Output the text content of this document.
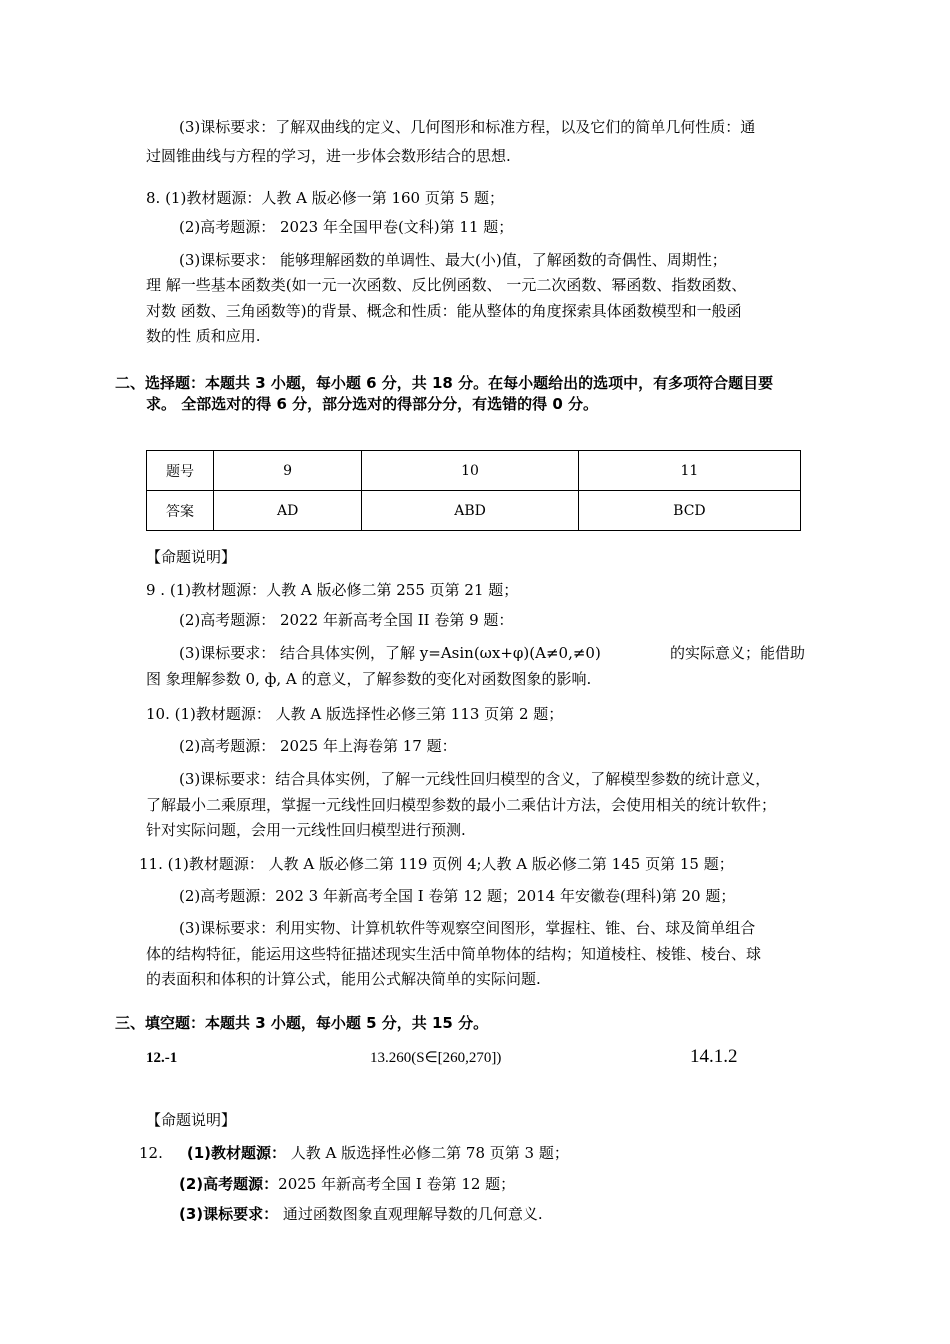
(3)课标要求：了解双曲线的定义、几何图形和标准方程，以及它们的简单几何性质：通
过圆锥曲线与方程的学习，进一步体会数形结合的思想.
8. (1)教材题源：人教 A 版必修一第 160 页第 5 题；
(2)高考题源： 2023 年全国甲卷(文科)第 11 题；
(3)课标要求： 能够理解函数的单调性、最大(小)值，了解函数的奇偶性、周期性；
理 解一些基本函数类(如一元一次函数、反比例函数、 一元二次函数、幂函数、指数函数、
对数 函数、三角函数等)的背景、概念和性质：能从整体的角度探索具体函数模型和一般函
数的性 质和应用.
二、选择题：本题共 3 小题，每小题 6 分，共 18 分。在每小题给出的选项中，有多项符合题目要
求。 全部选对的得 6 分，部分选对的得部分分，有选错的得 0 分。
题号	9	10	11
答案	AD	ABD	BCD
【命题说明】
9 . (1)教材题源：人教 A 版必修二第 255 页第 21 题；
(2)高考题源： 2022 年新高考全国 II 卷第 9 题：
(3)课标要求： 结合具体实例，了解 y=Asin(ωx+φ)(A≠0,≠0)	的实际意义；能借助
图 象理解参数 0, ф, A 的意义，了解参数的变化对函数图象的影响.
10. (1)教材题源： 人教 A 版选择性必修三第 113 页第 2 题；
(2)高考题源： 2025 年上海卷第 17 题：
(3)课标要求：结合具体实例，了解一元线性回归模型的含义，了解模型参数的统计意义，
了解最小二乘原理，掌握一元线性回归模型参数的最小二乘估计方法，会使用相关的统计软件；
针对实际问题，会用一元线性回归模型进行预测.
11. (1)教材题源： 人教 A 版必修二第 119 页例 4;人教 A 版必修二第 145 页第 15 题；
(2)高考题源：202 3 年新高考全国 I 卷第 12 题；2014 年安徽卷(理科)第 20 题；
(3)课标要求：利用实物、计算机软件等观察空间图形，掌握柱、锥、台、球及简单组合
体的结构特征，能运用这些特征描述现实生活中简单物体的结构；知道棱柱、棱锥、棱台、球
的表面积和体积的计算公式，能用公式解决简单的实际问题.
三、填空题：本题共 3 小题，每小题 5 分，共 15 分。
12.-1	13.260(S∈[260,270])	14.1.2
【命题说明】
12. (1)教材题源： 人教 A 版选择性必修二第 78 页第 3 题；
(2)高考题源：2025 年新高考全国 I 卷第 12 题；
(3)课标要求： 通过函数图象直观理解导数的几何意义.
